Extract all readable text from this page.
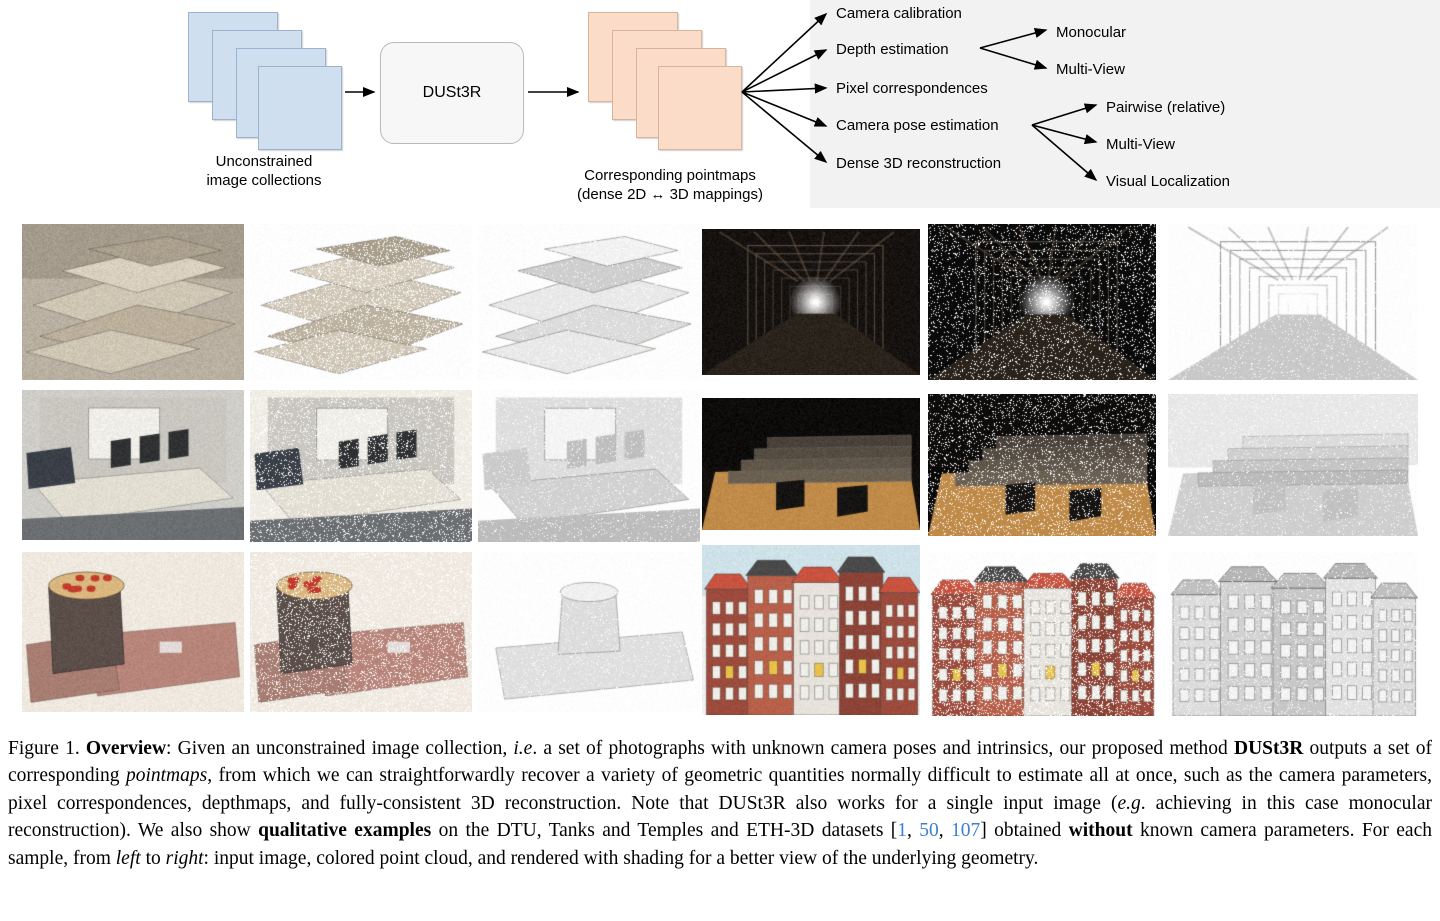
Unconstrained
image collections
DUSt3R
Corresponding pointmaps
(dense 2D ↔ 3D mappings)
Camera calibration
Depth estimation
Pixel correspondences
Camera pose estimation
Dense 3D reconstruction
Monocular
Multi-View
Pairwise (relative)
Multi-View
Visual Localization
Figure 1. Overview: Given an unconstrained image collection, i.e. a set of photographs with unknown camera poses and intrinsics, our proposed method DUSt3R outputs a set of corresponding pointmaps, from which we can straightforwardly recover a variety of geometric quantities normally difficult to estimate all at once, such as the camera parameters, pixel correspondences, depthmaps, and fully-consistent 3D reconstruction. Note that DUSt3R also works for a single input image (e.g. achieving in this case monocular reconstruction). We also show qualitative examples on the DTU, Tanks and Temples and ETH-3D datasets [1, 50, 107] obtained without known camera parameters. For each sample, from left to right: input image, colored point cloud, and rendered with shading for a better view of the underlying geometry.
